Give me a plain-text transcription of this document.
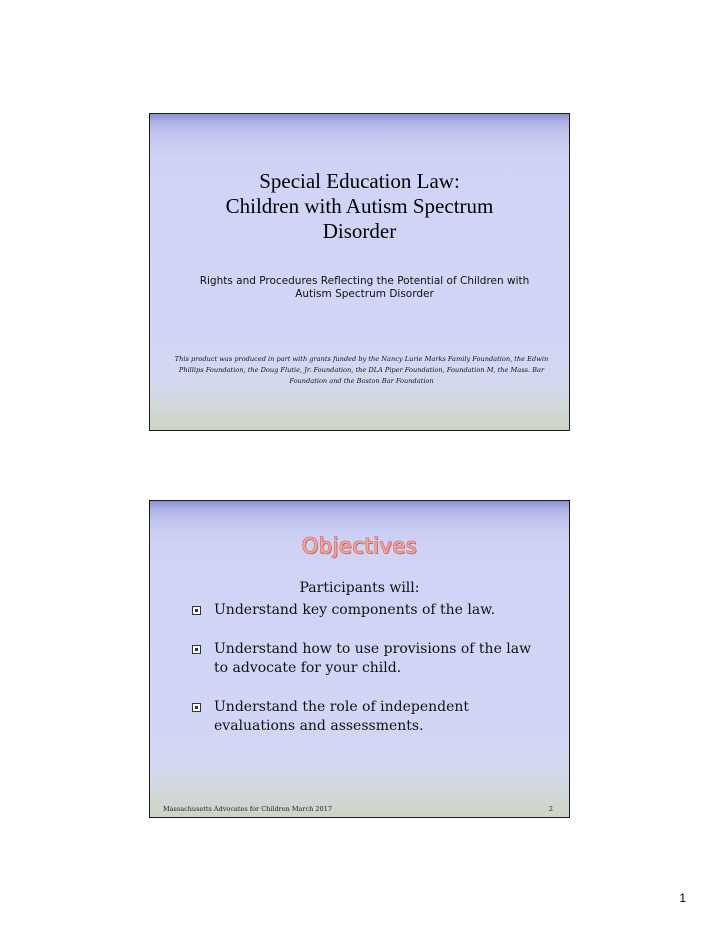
Special Education Law:
Children with Autism Spectrum
Disorder
Rights and Procedures Reflecting the Potential of Children with Autism Spectrum Disorder
This product was produced in part with grants funded by the Nancy Lurie Marks Family Foundation, the Edwin Phillips Foundation, the Doug Flutie, Jr. Foundation, the DLA Piper Foundation, Foundation M, the Mass. Bar Foundation and the Boston Bar Foundation
Objectives
Participants will:
Understand key components of the law.
Understand how to use provisions of the law to advocate for your child.
Understand the role of independent evaluations and assessments.
Massachusetts Advocates for Children March 2017	2
1
